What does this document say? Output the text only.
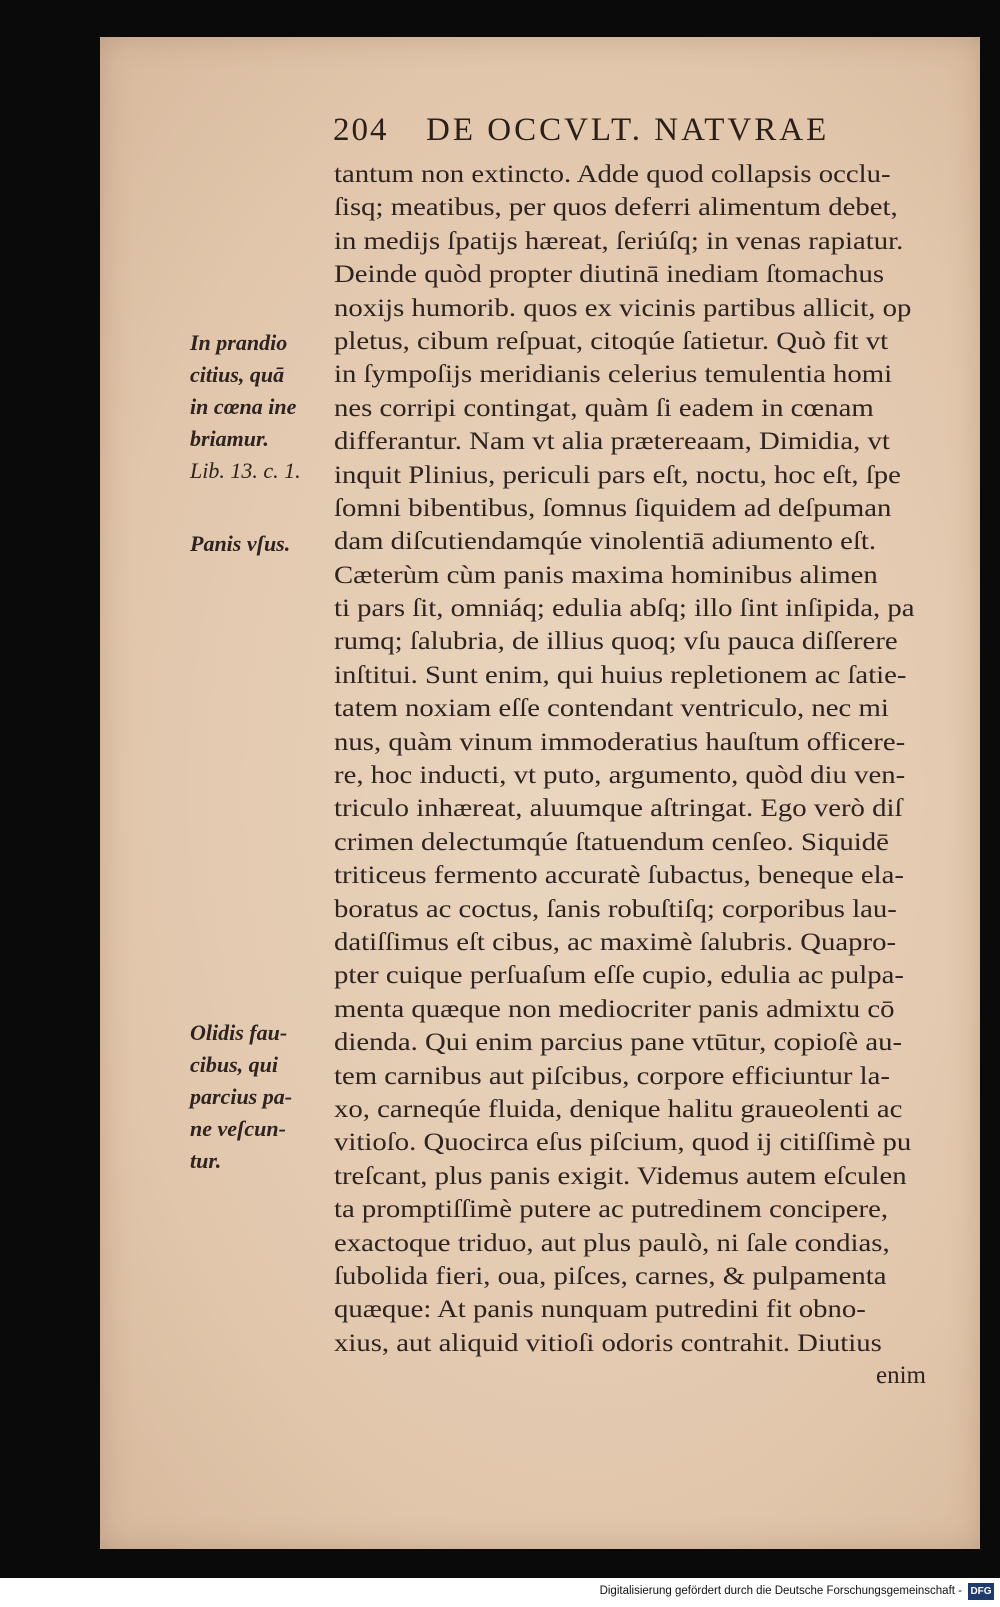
204 DE OCCVLT. NATVRAE
tantum non extincto. Adde quod collapsis occlu-
ſisq; meatibus, per quos deferri alimentum debet,
in medijs ſpatijs hæreat, ſeriúſq; in venas rapiatur.
Deinde quòd propter diutinā inediam ſtomachus
noxijs humorib. quos ex vicinis partibus allicit, op
pletus, cibum reſpuat, citoqúe ſatietur. Quò fit vt
in ſympoſijs meridianis celerius temulentia homi
nes corripi contingat, quàm ſi eadem in cœnam
differantur. Nam vt alia prætereaam, Dimidia, vt
inquit Plinius, periculi pars eſt, noctu, hoc eſt, ſpe
ſomni bibentibus, ſomnus ſiquidem ad deſpuman
dam diſcutiendamqúe vinolentiā adiumento eſt.
Cæterùm cùm panis maxima hominibus alimen
ti pars ſit, omniáq; edulia abſq; illo ſint inſipida, pa
rumq; ſalubria, de illius quoq; vſu pauca diſſerere
inſtitui. Sunt enim, qui huius repletionem ac ſatie-
tatem noxiam eſſe contendant ventriculo, nec mi
nus, quàm vinum immoderatius hauſtum officere-
re, hoc inducti, vt puto, argumento, quòd diu ven-
triculo inhæreat, aluumque aſtringat. Ego verò diſ
crimen delectumqúe ſtatuendum cenſeo. Siquidē
triticeus fermento accuratè ſubactus, beneque ela-
boratus ac coctus, ſanis robuſtiſq; corporibus lau-
datiſſimus eſt cibus, ac maximè ſalubris. Quapro-
pter cuique perſuaſum eſſe cupio, edulia ac pulpa-
menta quæque non mediocriter panis admixtu cō
dienda. Qui enim parcius pane vtūtur, copioſè au-
tem carnibus aut piſcibus, corpore efficiuntur la-
xo, carneqúe fluida, denique halitu graueolenti ac
vitioſo. Quocirca eſus piſcium, quod ij citiſſimè pu
treſcant, plus panis exigit. Videmus autem eſculen
ta promptiſſimè putere ac putredinem concipere,
exactoque triduo, aut plus paulò, ni ſale condias,
ſubolida fieri, oua, piſces, carnes, & pulpamenta
quæque: At panis nunquam putredini fit obno-
xius, aut aliquid vitioſi odoris contrahit. Diutius
enim
In prandio
citius, quā
in cœna ine
briamur.
Lib. 13. c. 1.
Panis vſus.
Olidis fau-
cibus, qui
parcius pa-
ne veſcun-
tur.
Digitalisierung gefördert durch die Deutsche Forschungsgemeinschaft - DFG
